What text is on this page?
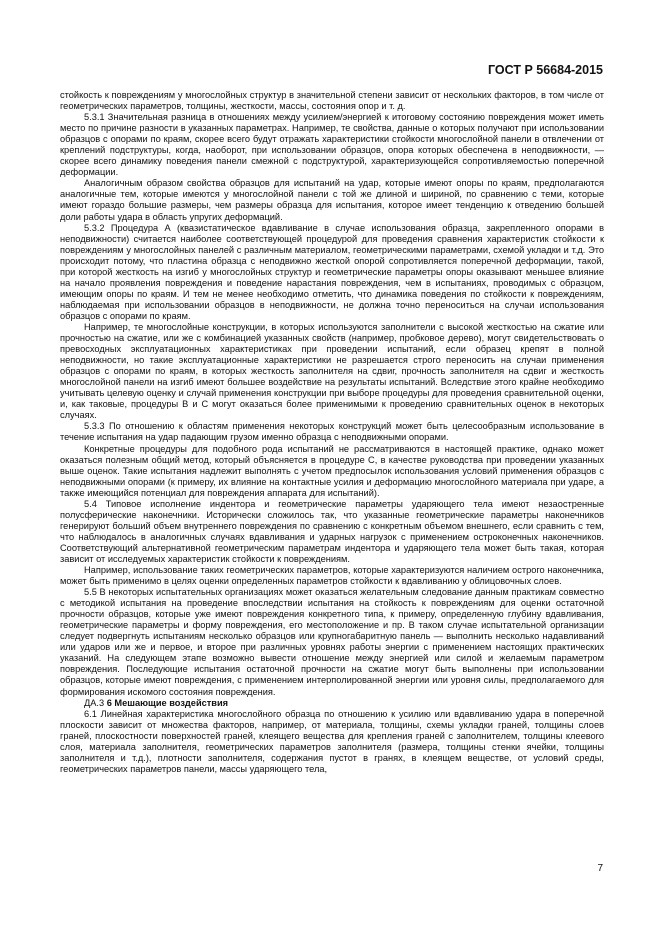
ГОСТ Р 56684-2015

стойкость к повреждениям у многослойных структур в значительной степени зависит от нескольких факторов, в том числе от геометрических параметров, толщины, жесткости, массы, состояния опор и т. д.

5.3.1 Значительная разница в отношениях между усилием/энергией к итоговому состоянию повреждения может иметь место по причине разности в указанных параметрах. Например, те свойства, данные о которых получают при использовании образцов с опорами по краям, скорее всего будут отражать характеристики стойкости многослойной панели в отвлечении от креплений подструктуры, когда, наоборот, при использовании образцов, опора которых обеспечена в неподвижности, —скорее всего динамику поведения панели смежной с подструктурой, характеризующейся сопротивляемостью поперечной деформации.

Аналогичным образом свойства образцов для испытаний на удар, которые имеют опоры по краям, предполагаются аналогичные тем, которые имеются у многослойной панели с той же длиной и шириной, по сравнению с теми, которые имеют гораздо большие размеры, чем размеры образца для испытания, которое имеет тенденцию к отведению большей доли работы удара в область упругих деформаций.

5.3.2 Процедура А (квазистатическое вдавливание в случае использования образца, закрепленного опорами в неподвижности) считается наиболее соответствующей процедурой для проведения сравнения характеристик стойкости к повреждениям у многослойных панелей с различным материалом, геометрическими параметрами, схемой укладки и т.д. Это происходит потому, что пластина образца с неподвижно жесткой опорой сопротивляется поперечной деформации, такой, при которой жесткость на изгиб у многослойных структур и геометрические параметры опоры оказывают меньшее влияние на начало проявления повреждения и поведение нарастания повреждения, чем в испытаниях, проводимых с образцом, имеющим опоры по краям. И тем не менее необходимо отметить, что динамика поведения по стойкости к повреждениям, наблюдаемая при использовании образцов в неподвижности, не должна точно переноситься на случаи использования образцов с опорами по краям.

Например, те многослойные конструкции, в которых используются заполнители с высокой жесткостью на сжатие или прочностью на сжатие, или же с комбинацией указанных свойств (например, пробковое дерево), могут свидетельствовать о превосходных эксплуатационных характеристиках при проведении испытаний, если образец крепят в полной неподвижности, но такие эксплуатационные характеристики не разрешается строго переносить на случаи применения образцов с опорами по краям, в которых жесткость заполнителя на сдвиг, прочность заполнителя на сдвиг и жесткость многослойной панели на изгиб имеют большее воздействие на результаты испытаний. Вследствие этого крайне необходимо учитывать целевую оценку и случай применения конструкции при выборе процедуры для проведения сравнительной оценки, и, как таковые, процедуры В и С могут оказаться более применимыми к проведению сравнительных оценок в некоторых случаях.

5.3.3 По отношению к областям применения некоторых конструкций может быть целесообразным использование в течение испытания на удар падающим грузом именно образца с неподвижными опорами.

Конкретные процедуры для подобного рода испытаний не рассматриваются в настоящей практике, однако может оказаться полезным общий метод, который объясняется в процедуре С, в качестве руководства при проведении указанных выше оценок. Такие испытания надлежит выполнять с учетом предпосылок использования условий применения образцов с неподвижными опорами (к примеру, их влияние на контактные усилия и деформацию многослойного материала при ударе, а также имеющийся потенциал для повреждения аппарата для испытаний).

5.4 Типовое исполнение индентора и геометрические параметры ударяющего тела имеют незаостренные полусферические наконечники. Исторически сложилось так, что указанные геометрические параметры наконечников генерируют больший объем внутреннего повреждения по сравнению с конкретным объемом внешнего, если сравнить с тем, что наблюдалось в аналогичных случаях вдавливания и ударных нагрузок с применением остроконечных наконечников. Соответствующий альтернативной геометрическим параметрам индентора и ударяющего тела может быть такая, которая зависит от исследуемых характеристик стойкости к повреждениям.

Например, использование таких геометрических параметров, которые характеризуются наличием острого наконечника, может быть применимо в целях оценки определенных параметров стойкости к вдавливанию у облицовочных слоев.

5.5 В некоторых испытательных организациях может оказаться желательным следование данным практикам совместно с методикой испытания на проведение впоследствии испытания на стойкость к повреждениям для оценки остаточной прочности образцов, которые уже имеют повреждения конкретного типа, к примеру, определенную глубину вдавливания, геометрические параметры и форму повреждения, его местоположение и пр. В таком случае испытательной организации следует подвергнуть испытаниям несколько образцов или крупногабаритную панель — выполнить несколько надавливаний или ударов или же и первое, и второе при различных уровнях работы энергии с применением настоящих практических указаний. На следующем этапе возможно вывести отношение между энергией или силой и желаемым параметром повреждения. Последующие испытания остаточной прочности на сжатие могут быть выполнены при использовании образцов, которые имеют повреждения, с применением интерполированной энергии или уровня силы, предполагаемого для формирования искомого состояния повреждения.

ДА.3 6 Мешающие воздействия

6.1 Линейная характеристика многослойного образца по отношению к усилию или вдавливанию удара в поперечной плоскости зависит от множества факторов, например, от материала, толщины, схемы укладки граней, толщины слоев граней, плоскостности поверхностей граней, клеящего вещества для крепления граней с заполнителем, толщины клеевого слоя, материала заполнителя, геометрических параметров заполнителя (размера, толщины стенки ячейки, толщины заполнителя и т.д.), плотности заполнителя, содержания пустот в гранях, в клеящем веществе, от условий среды, геометрических параметров панели, массы ударяющего тела,

7
